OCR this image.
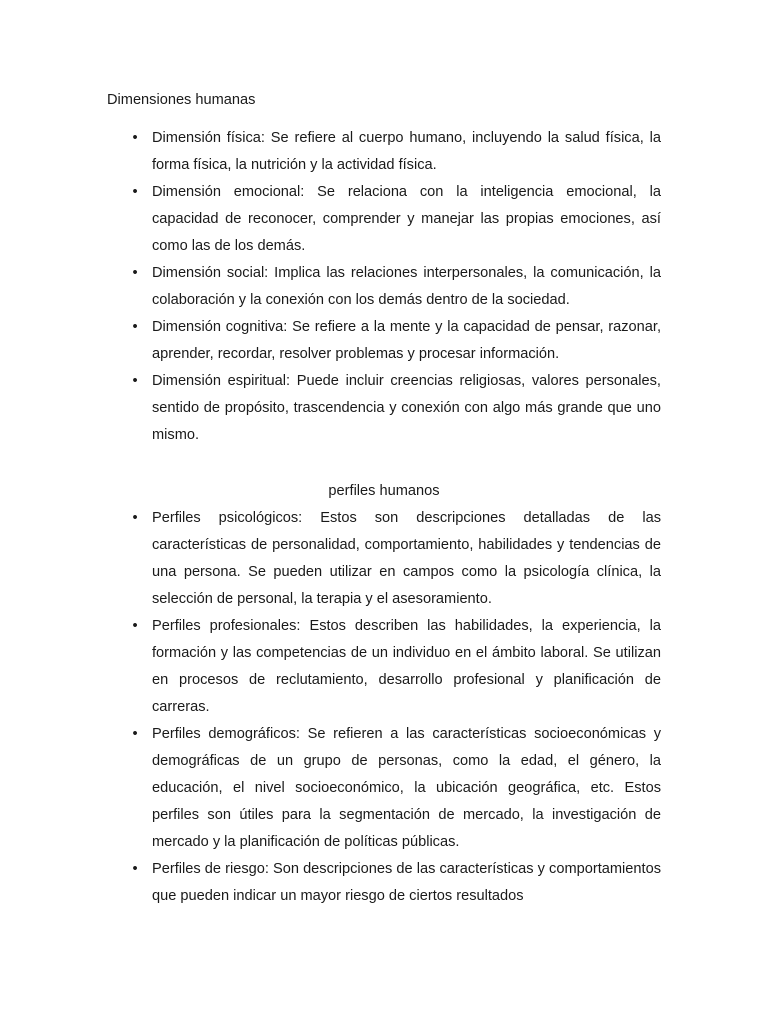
Dimensiones humanas
• Dimensión física: Se refiere al cuerpo humano, incluyendo la salud física, la forma física, la nutrición y la actividad física.
• Dimensión emocional: Se relaciona con la inteligencia emocional, la capacidad de reconocer, comprender y manejar las propias emociones, así como las de los demás.
• Dimensión social: Implica las relaciones interpersonales, la comunicación, la colaboración y la conexión con los demás dentro de la sociedad.
• Dimensión cognitiva: Se refiere a la mente y la capacidad de pensar, razonar, aprender, recordar, resolver problemas y procesar información.
• Dimensión espiritual: Puede incluir creencias religiosas, valores personales, sentido de propósito, trascendencia y conexión con algo más grande que uno mismo.
perfiles humanos
• Perfiles psicológicos: Estos son descripciones detalladas de las características de personalidad, comportamiento, habilidades y tendencias de una persona. Se pueden utilizar en campos como la psicología clínica, la selección de personal, la terapia y el asesoramiento.
• Perfiles profesionales: Estos describen las habilidades, la experiencia, la formación y las competencias de un individuo en el ámbito laboral. Se utilizan en procesos de reclutamiento, desarrollo profesional y planificación de carreras.
• Perfiles demográficos: Se refieren a las características socioeconómicas y demográficas de un grupo de personas, como la edad, el género, la educación, el nivel socioeconómico, la ubicación geográfica, etc. Estos perfiles son útiles para la segmentación de mercado, la investigación de mercado y la planificación de políticas públicas.
• Perfiles de riesgo: Son descripciones de las características y comportamientos que pueden indicar un mayor riesgo de ciertos resultados
